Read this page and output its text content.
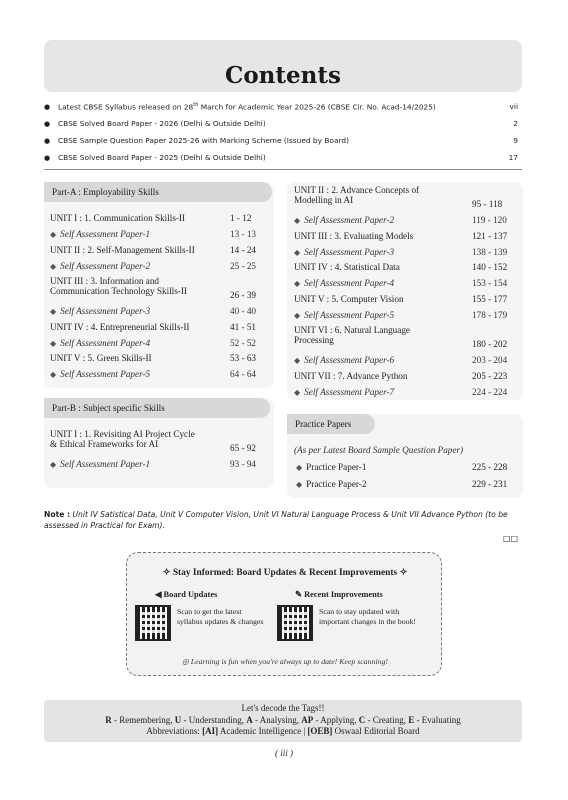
Contents
●	Latest CBSE Syllabus released on 28th March for Academic Year 2025-26 (CBSE Cir. No. Acad-14/2025)	vii
●	CBSE Solved Board Paper - 2026 (Delhi & Outside Delhi)	2
●	CBSE Sample Question Paper 2025-26 with Marking Scheme (Issued by Board)	9
●	CBSE Solved Board Paper - 2025 (Delhi & Outside Delhi)	17
Part-A : Employability Skills
UNIT I : 1. Communication Skills-II	1 - 12
◆ Self Assessment Paper-1	13 - 13
UNIT II : 2. Self-Management Skills-II	14 - 24
◆ Self Assessment Paper-2	25 - 25
UNIT III : 3. Information and
Communication Technology Skills-II	26 - 39
◆ Self Assessment Paper-3	40 - 40
UNIT IV : 4. Entrepreneurial Skills-II	41 - 51
◆ Self Assessment Paper-4	52 - 52
UNIT V : 5. Green Skills-II	53 - 63
◆ Self Assessment Paper-5	64 - 64
Part-B : Subject specific Skills
UNIT I : 1. Revisiting AI Project Cycle
& Ethical Frameworks for AI	65 - 92
◆ Self Assessment Paper-1	93 - 94
UNIT II : 2. Advance Concepts of
Modelling in AI	95 - 118
◆ Self Assessment Paper-2	119 - 120
UNIT III : 3. Evaluating Models	121 - 137
◆ Self Assessment Paper-3	138 - 139
UNIT IV : 4. Statistical Data	140 - 152
◆ Self Assessment Paper-4	153 - 154
UNIT V : 5. Computer Vision	155 - 177
◆ Self Assessment Paper-5	178 - 179
UNIT VI : 6. Natural Language
Processing	180 - 202
◆ Self Assessment Paper-6	203 - 204
UNIT VII : 7. Advance Python	205 - 223
◆ Self Assessment Paper-7	224 - 224
Practice Papers
(As per Latest Board Sample Question Paper)
◆ Practice Paper-1	225 - 228
◆ Practice Paper-2	229 - 231
Note : Unit IV Satistical Data, Unit V Computer Vision, Unit VI Natural Language Process & Unit VII Advance Python (to be assessed in Practical for Exam).
□□
✧ Stay Informed: Board Updates & Recent Improvements ✧
◀ Board Updates
Scan to get the latest syllabus updates & changes
✎ Recent Improvements
Scan to stay updated with important changes in the book!
◎ Learning is fun when you're always up to date! Keep scanning!
Let's decode the Tags!!
R - Remembering, U - Understanding, A - Analysing, AP - Applying, C - Creating, E - Evaluating
Abbreviations: [AI] Academic Intelligence | [OEB] Oswaal Editorial Board
( iii )
